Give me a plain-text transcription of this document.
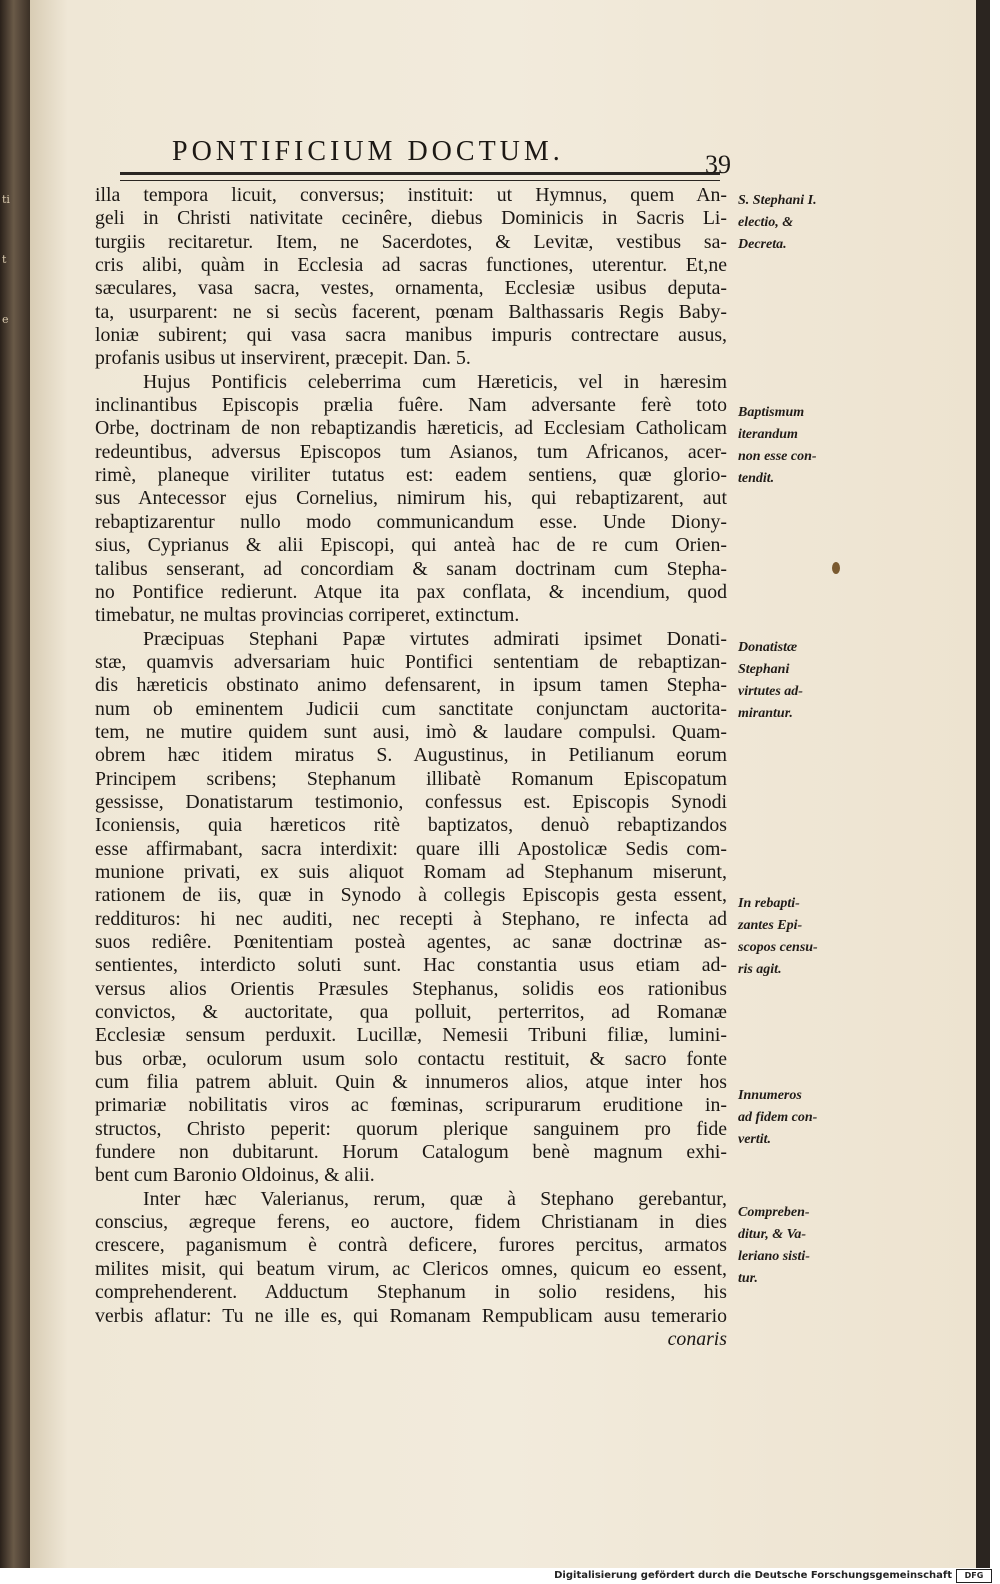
ti
t
e
PONTIFICIUM DOCTUM.	39
illa tempora licuit, conversus; instituit: ut Hymnus, quem An-
geli in Christi nativitate cecinêre, diebus Dominicis in Sacris Li-
turgiis recitaretur. Item, ne Sacerdotes, & Levitæ, vestibus sa-
cris alibi, quàm in Ecclesia ad sacras functiones, uterentur. Et,ne
sæculares, vasa sacra, vestes, ornamenta, Ecclesiæ usibus deputa-
ta, usurparent: ne si secùs facerent, pœnam Balthassaris Regis Baby-
loniæ subirent; qui vasa sacra manibus impuris contrectare ausus,
profanis usibus ut inservirent, præcepit. Dan. 5.
Hujus Pontificis celeberrima cum Hæreticis, vel in hæresim
inclinantibus Episcopis prælia fuêre. Nam adversante ferè toto
Orbe, doctrinam de non rebaptizandis hæreticis, ad Ecclesiam Catholicam
redeuntibus, adversus Episcopos tum Asianos, tum Africanos, acer-
rimè, planeque viriliter tutatus est: eadem sentiens, quæ glorio-
sus Antecessor ejus Cornelius, nimirum his, qui rebaptizarent, aut
rebaptizarentur nullo modo communicandum esse. Unde Diony-
sius, Cyprianus & alii Episcopi, qui anteà hac de re cum Orien-
talibus senserant, ad concordiam & sanam doctrinam cum Stepha-
no Pontifice redierunt. Atque ita pax conflata, & incendium, quod
timebatur, ne multas provincias corriperet, extinctum.
Præcipuas Stephani Papæ virtutes admirati ipsimet Donati-
stæ, quamvis adversariam huic Pontifici sententiam de rebaptizan-
dis hæreticis obstinato animo defensarent, in ipsum tamen Stepha-
num ob eminentem Judicii cum sanctitate conjunctam auctorita-
tem, ne mutire quidem sunt ausi, imò & laudare compulsi. Quam-
obrem hæc itidem miratus S. Augustinus, in Petilianum eorum
Principem scribens; Stephanum illibatè Romanum Episcopatum
gessisse, Donatistarum testimonio, confessus est. Episcopis Synodi
Iconiensis, quia hæreticos ritè baptizatos, denuò rebaptizandos
esse affirmabant, sacra interdixit: quare illi Apostolicæ Sedis com-
munione privati, ex suis aliquot Romam ad Stephanum miserunt,
rationem de iis, quæ in Synodo à collegis Episcopis gesta essent,
reddituros: hi nec auditi, nec recepti à Stephano, re infecta ad
suos rediêre. Pœnitentiam posteà agentes, ac sanæ doctrinæ as-
sentientes, interdicto soluti sunt. Hac constantia usus etiam ad-
versus alios Orientis Præsules Stephanus, solidis eos rationibus
convictos, & auctoritate, qua polluit, perterritos, ad Romanæ
Ecclesiæ sensum perduxit. Lucillæ, Nemesii Tribuni filiæ, lumini-
bus orbæ, oculorum usum solo contactu restituit, & sacro fonte
cum filia patrem abluit. Quin & innumeros alios, atque inter hos
primariæ nobilitatis viros ac fœminas, scripurarum eruditione in-
structos, Christo peperit: quorum plerique sanguinem pro fide
fundere non dubitarunt. Horum Catalogum benè magnum exhi-
bent cum Baronio Oldoinus, & alii.
Inter hæc Valerianus, rerum, quæ à Stephano gerebantur,
conscius, ægreque ferens, eo auctore, fidem Christianam in dies
crescere, paganismum è contrà deficere, furores percitus, armatos
milites misit, qui beatum virum, ac Clericos omnes, quicum eo essent,
comprehenderent. Adductum Stephanum in solio residens, his
verbis aflatur: Tu ne ille es, qui Romanam Rempublicam ausu temerario
conaris
S. Stephani I.
electio, &
Decreta.
Baptismum
iterandum
non esse con-
tendit.
Donatistæ
Stephani
virtutes ad-
mirantur.
In rebapti-
zantes Epi-
scopos censu-
ris agit.
Innumeros
ad fidem con-
vertit.
Compreben-
ditur, & Va-
leriano sisti-
tur.
Digitalisierung gefördert durch die Deutsche Forschungsgemeinschaft	DFG
